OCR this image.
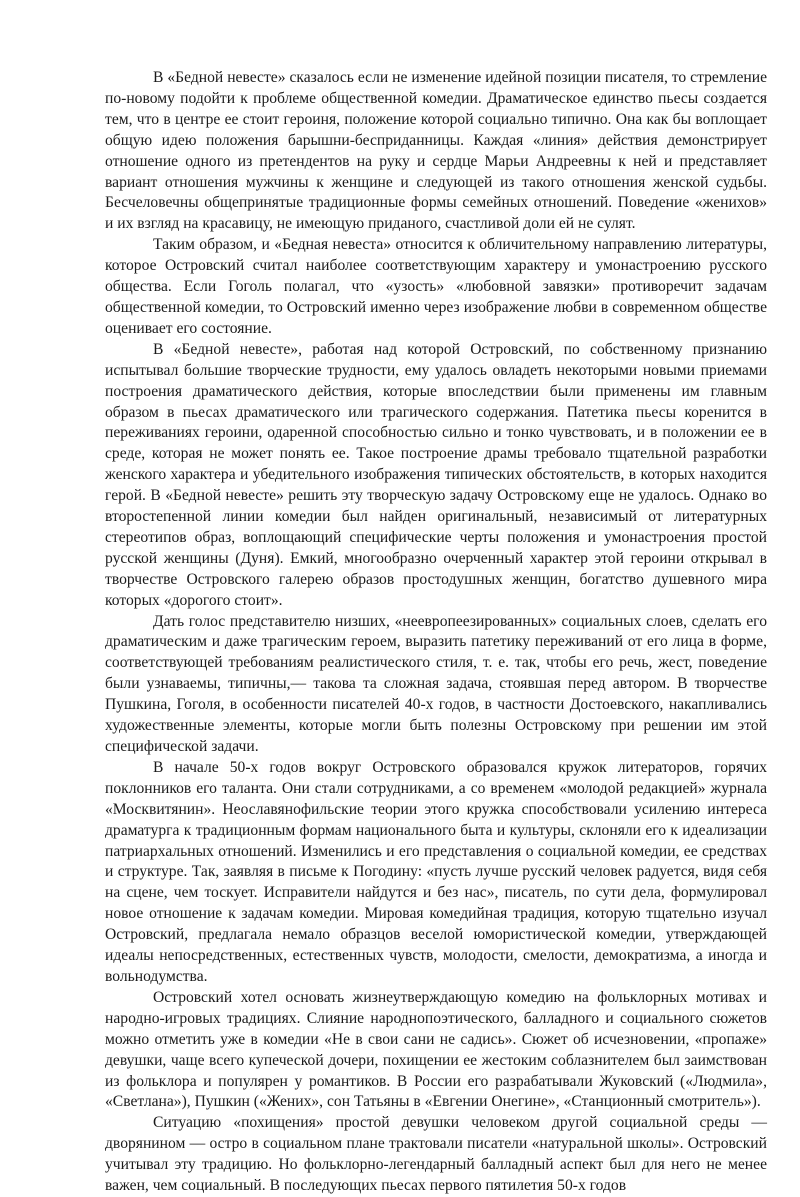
В «Бедной невесте» сказалось если не изменение идейной позиции писателя, то стремление по-новому подойти к проблеме общественной комедии. Драматическое единство пьесы создается тем, что в центре ее стоит героиня, положение которой социально типично. Она как бы воплощает общую идею положения барышни-бесприданницы. Каждая «линия» действия демонстрирует отношение одного из претендентов на руку и сердце Марьи Андреевны к ней и представляет вариант отношения мужчины к женщине и следующей из такого отношения женской судьбы. Бесчеловечны общепринятые традиционные формы семейных отношений. Поведение «женихов» и их взгляд на красавицу, не имеющую приданого, счастливой доли ей не сулят.

Таким образом, и «Бедная невеста» относится к обличительному направлению литературы, которое Островский считал наиболее соответствующим характеру и умонастроению русского общества. Если Гоголь полагал, что «узость» «любовной завязки» противоречит задачам общественной комедии, то Островский именно через изображение любви в современном обществе оценивает его состояние.

В «Бедной невесте», работая над которой Островский, по собственному признанию испытывал большие творческие трудности, ему удалось овладеть некоторыми новыми приемами построения драматического действия, которые впоследствии были применены им главным образом в пьесах драматического или трагического содержания. Патетика пьесы коренится в переживаниях героини, одаренной способностью сильно и тонко чувствовать, и в положении ее в среде, которая не может понять ее. Такое построение драмы требовало тщательной разработки женского характера и убедительного изображения типических обстоятельств, в которых находится герой. В «Бедной невесте» решить эту творческую задачу Островскому еще не удалось. Однако во второстепенной линии комедии был найден оригинальный, независимый от литературных стереотипов образ, воплощающий специфические черты положения и умонастроения простой русской женщины (Дуня). Емкий, многообразно очерченный характер этой героини открывал в творчестве Островского галерею образов простодушных женщин, богатство душевного мира которых «дорогого стоит».

Дать голос представителю низших, «неевропеезированных» социальных слоев, сделать его драматическим и даже трагическим героем, выразить патетику переживаний от его лица в форме, соответствующей требованиям реалистического стиля, т. е. так, чтобы его речь, жест, поведение были узнаваемы, типичны,— такова та сложная задача, стоявшая перед автором. В творчестве Пушкина, Гоголя, в особенности писателей 40-х годов, в частности Достоевского, накапливались художественные элементы, которые могли быть полезны Островскому при решении им этой специфической задачи.

В начале 50-х годов вокруг Островского образовался кружок литераторов, горячих поклонников его таланта. Они стали сотрудниками, а со временем «молодой редакцией» журнала «Москвитянин». Неославянофильские теории этого кружка способствовали усилению интереса драматурга к традиционным формам национального быта и культуры, склоняли его к идеализации патриархальных отношений. Изменились и его представления о социальной комедии, ее средствах и структуре. Так, заявляя в письме к Погодину: «пусть лучше русский человек радуется, видя себя на сцене, чем тоскует. Исправители найдутся и без нас», писатель, по сути дела, формулировал новое отношение к задачам комедии. Мировая комедийная традиция, которую тщательно изучал Островский, предлагала немало образцов веселой юмористической комедии, утверждающей идеалы непосредственных, естественных чувств, молодости, смелости, демократизма, а иногда и вольнодумства.

Островский хотел основать жизнеутверждающую комедию на фольклорных мотивах и народно-игровых традициях. Слияние народнопоэтического, балладного и социального сюжетов можно отметить уже в комедии «Не в свои сани не садись». Сюжет об исчезновении, «пропаже» девушки, чаще всего купеческой дочери, похищении ее жестоким соблазнителем был заимствован из фольклора и популярен у романтиков. В России его разрабатывали Жуковский («Людмила», «Светлана»), Пушкин («Жених», сон Татьяны в «Евгении Онегине», «Станционный смотритель»).

Ситуацию «похищения» простой девушки человеком другой социальной среды — дворянином — остро в социальном плане трактовали писатели «натуральной школы». Островский учитывал эту традицию. Но фольклорно-легендарный балладный аспект был для него не менее важен, чем социальный. В последующих пьесах первого пятилетия 50-х годов
